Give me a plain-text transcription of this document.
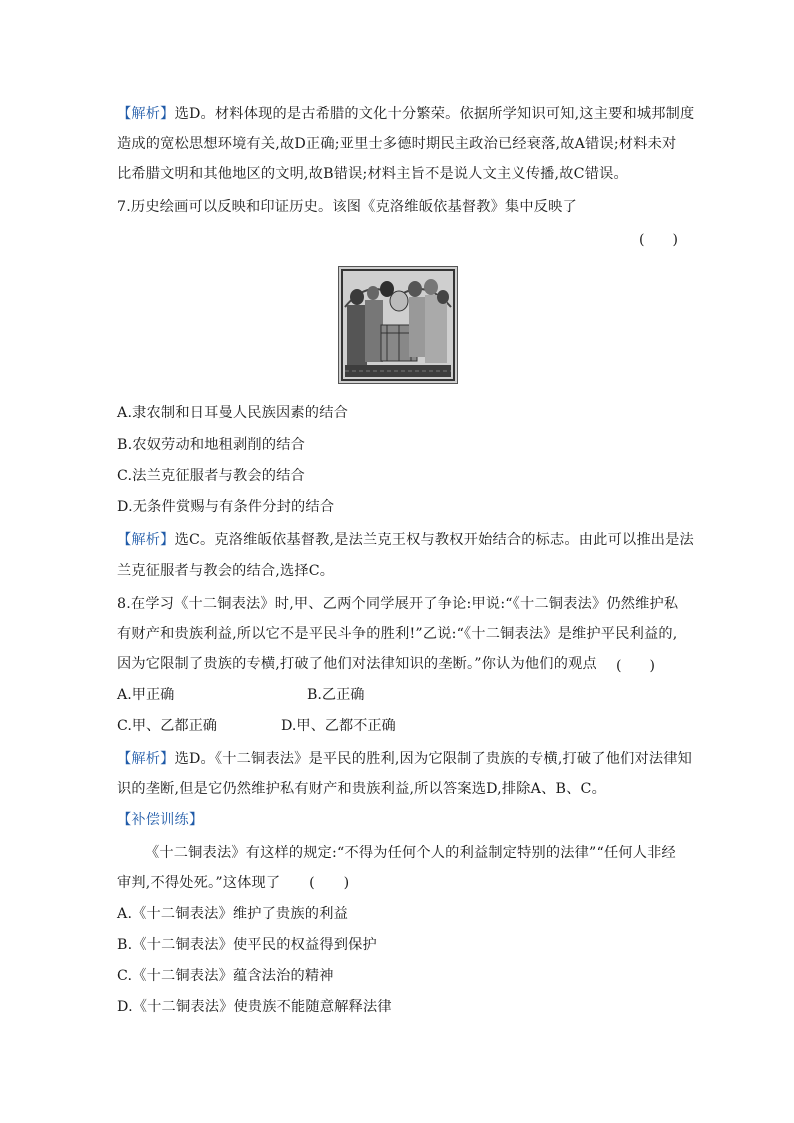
【解析】选D。材料体现的是古希腊的文化十分繁荣。依据所学知识可知,这主要和城邦制度
造成的宽松思想环境有关,故D正确;亚里士多德时期民主政治已经衰落,故A错误;材料未对
比希腊文明和其他地区的文明,故B错误;材料主旨不是说人文主义传播,故C错误。
7.历史绘画可以反映和印证历史。该图《克洛维皈依基督教》集中反映了
(　　)
A.隶农制和日耳曼人民族因素的结合
B.农奴劳动和地租剥削的结合
C.法兰克征服者与教会的结合
D.无条件赏赐与有条件分封的结合
【解析】选C。克洛维皈依基督教,是法兰克王权与教权开始结合的标志。由此可以推出是法
兰克征服者与教会的结合,选择C。
8.在学习《十二铜表法》时,甲、乙两个同学展开了争论:甲说:“《十二铜表法》仍然维护私
有财产和贵族利益,所以它不是平民斗争的胜利!”乙说:“《十二铜表法》是维护平民利益的,
因为它限制了贵族的专横,打破了他们对法律知识的垄断。”你认为他们的观点 (　　)
A.甲正确	B.乙正确
C.甲、乙都正确	D.甲、乙都不正确
【解析】选D。《十二铜表法》是平民的胜利,因为它限制了贵族的专横,打破了他们对法律知
识的垄断,但是它仍然维护私有财产和贵族利益,所以答案选D,排除A、B、C。
【补偿训练】
《十二铜表法》有这样的规定:“不得为任何个人的利益制定特别的法律”“任何人非经
审判,不得处死。”这体现了　　(　　)
A.《十二铜表法》维护了贵族的利益
B.《十二铜表法》使平民的权益得到保护
C.《十二铜表法》蕴含法治的精神
D.《十二铜表法》使贵族不能随意解释法律
